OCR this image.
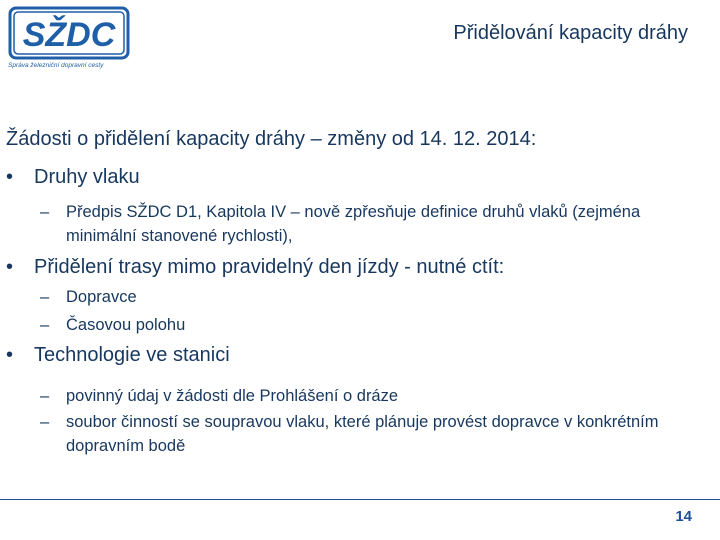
SŽDC
Správa železniční dopravní cesty
Přidělování kapacity dráhy
Žádosti o přidělení kapacity dráhy – změny od 14. 12. 2014:
• Druhy vlaku
– Předpis SŽDC D1, Kapitola IV – nově zpřesňuje definice druhů vlaků (zejména minimální stanovené rychlosti),
• Přidělení trasy mimo pravidelný den jízdy - nutné ctít:
– Dopravce
– Časovou polohu
• Technologie ve stanici
– povinný údaj v žádosti dle Prohlášení o dráze
– soubor činností se soupravou vlaku, které plánuje provést dopravce v konkrétním dopravním bodě
14
